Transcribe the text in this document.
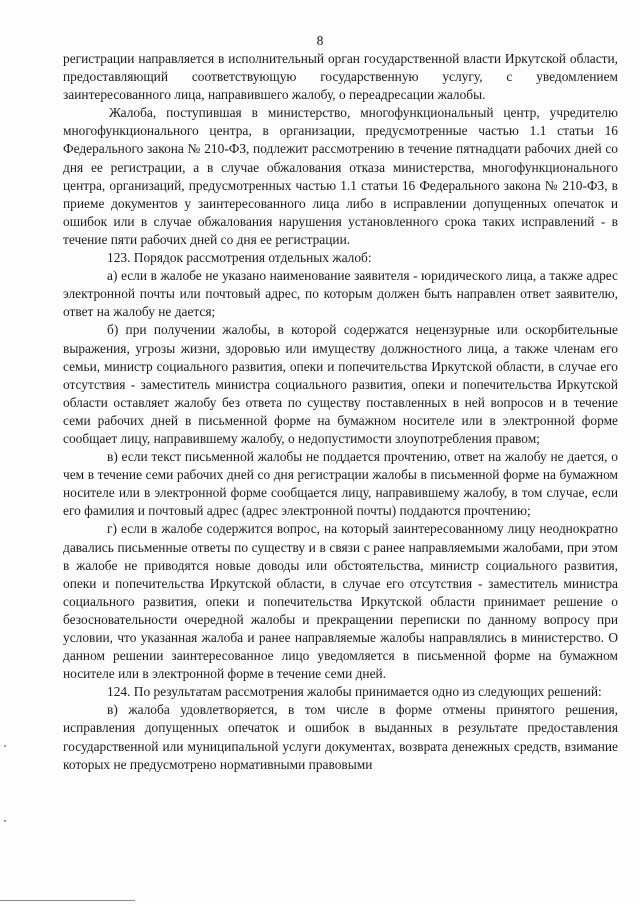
8

регистрации направляется в исполнительный орган государственной власти Иркутской области, предоставляющий соответствующую государственную услугу, с уведомлением заинтересованного лица, направившего жалобу, о переадресации жалобы.

Жалоба, поступившая в министерство, многофункциональный центр, учредителю многофункционального центра, в организации, предусмотренные частью 1.1 статьи 16 Федерального закона № 210-ФЗ, подлежит рассмотрению в течение пятнадцати рабочих дней со дня ее регистрации, а в случае обжалования отказа министерства, многофункционального центра, организаций, предусмотренных частью 1.1 статьи 16 Федерального закона № 210-ФЗ, в приеме документов у заинтересованного лица либо в исправлении допущенных опечаток и ошибок или в случае обжалования нарушения установленного срока таких исправлений - в течение пяти рабочих дней со дня ее регистрации.

123. Порядок рассмотрения отдельных жалоб:

а) если в жалобе не указано наименование заявителя - юридического лица, а также адрес электронной почты или почтовый адрес, по которым должен быть направлен ответ заявителю, ответ на жалобу не дается;

б) при получении жалобы, в которой содержатся нецензурные или оскорбительные выражения, угрозы жизни, здоровью или имуществу должностного лица, а также членам его семьи, министр социального развития, опеки и попечительства Иркутской области, в случае его отсутствия - заместитель министра социального развития, опеки и попечительства Иркутской области оставляет жалобу без ответа по существу поставленных в ней вопросов и в течение семи рабочих дней в письменной форме на бумажном носителе или в электронной форме сообщает лицу, направившему жалобу, о недопустимости злоупотребления правом;

в) если текст письменной жалобы не поддается прочтению, ответ на жалобу не дается, о чем в течение семи рабочих дней со дня регистрации жалобы в письменной форме на бумажном носителе или в электронной форме сообщается лицу, направившему жалобу, в том случае, если его фамилия и почтовый адрес (адрес электронной почты) поддаются прочтению;

г) если в жалобе содержится вопрос, на который заинтересованному лицу неоднократно давались письменные ответы по существу и в связи с ранее направляемыми жалобами, при этом в жалобе не приводятся новые доводы или обстоятельства, министр социального развития, опеки и попечительства Иркутской области, в случае его отсутствия - заместитель министра социального развития, опеки и попечительства Иркутской области принимает решение о безосновательности очередной жалобы и прекращении переписки по данному вопросу при условии, что указанная жалоба и ранее направляемые жалобы направлялись в министерство. О данном решении заинтересованное лицо уведомляется в письменной форме на бумажном носителе или в электронной форме в течение семи дней.

124. По результатам рассмотрения жалобы принимается одно из следующих решений:

в) жалоба удовлетворяется, в том числе в форме отмены принятого решения, исправления допущенных опечаток и ошибок в выданных в результате предоставления государственной или муниципальной услуги документах, возврата денежных средств, взимание которых не предусмотрено нормативными правовыми
